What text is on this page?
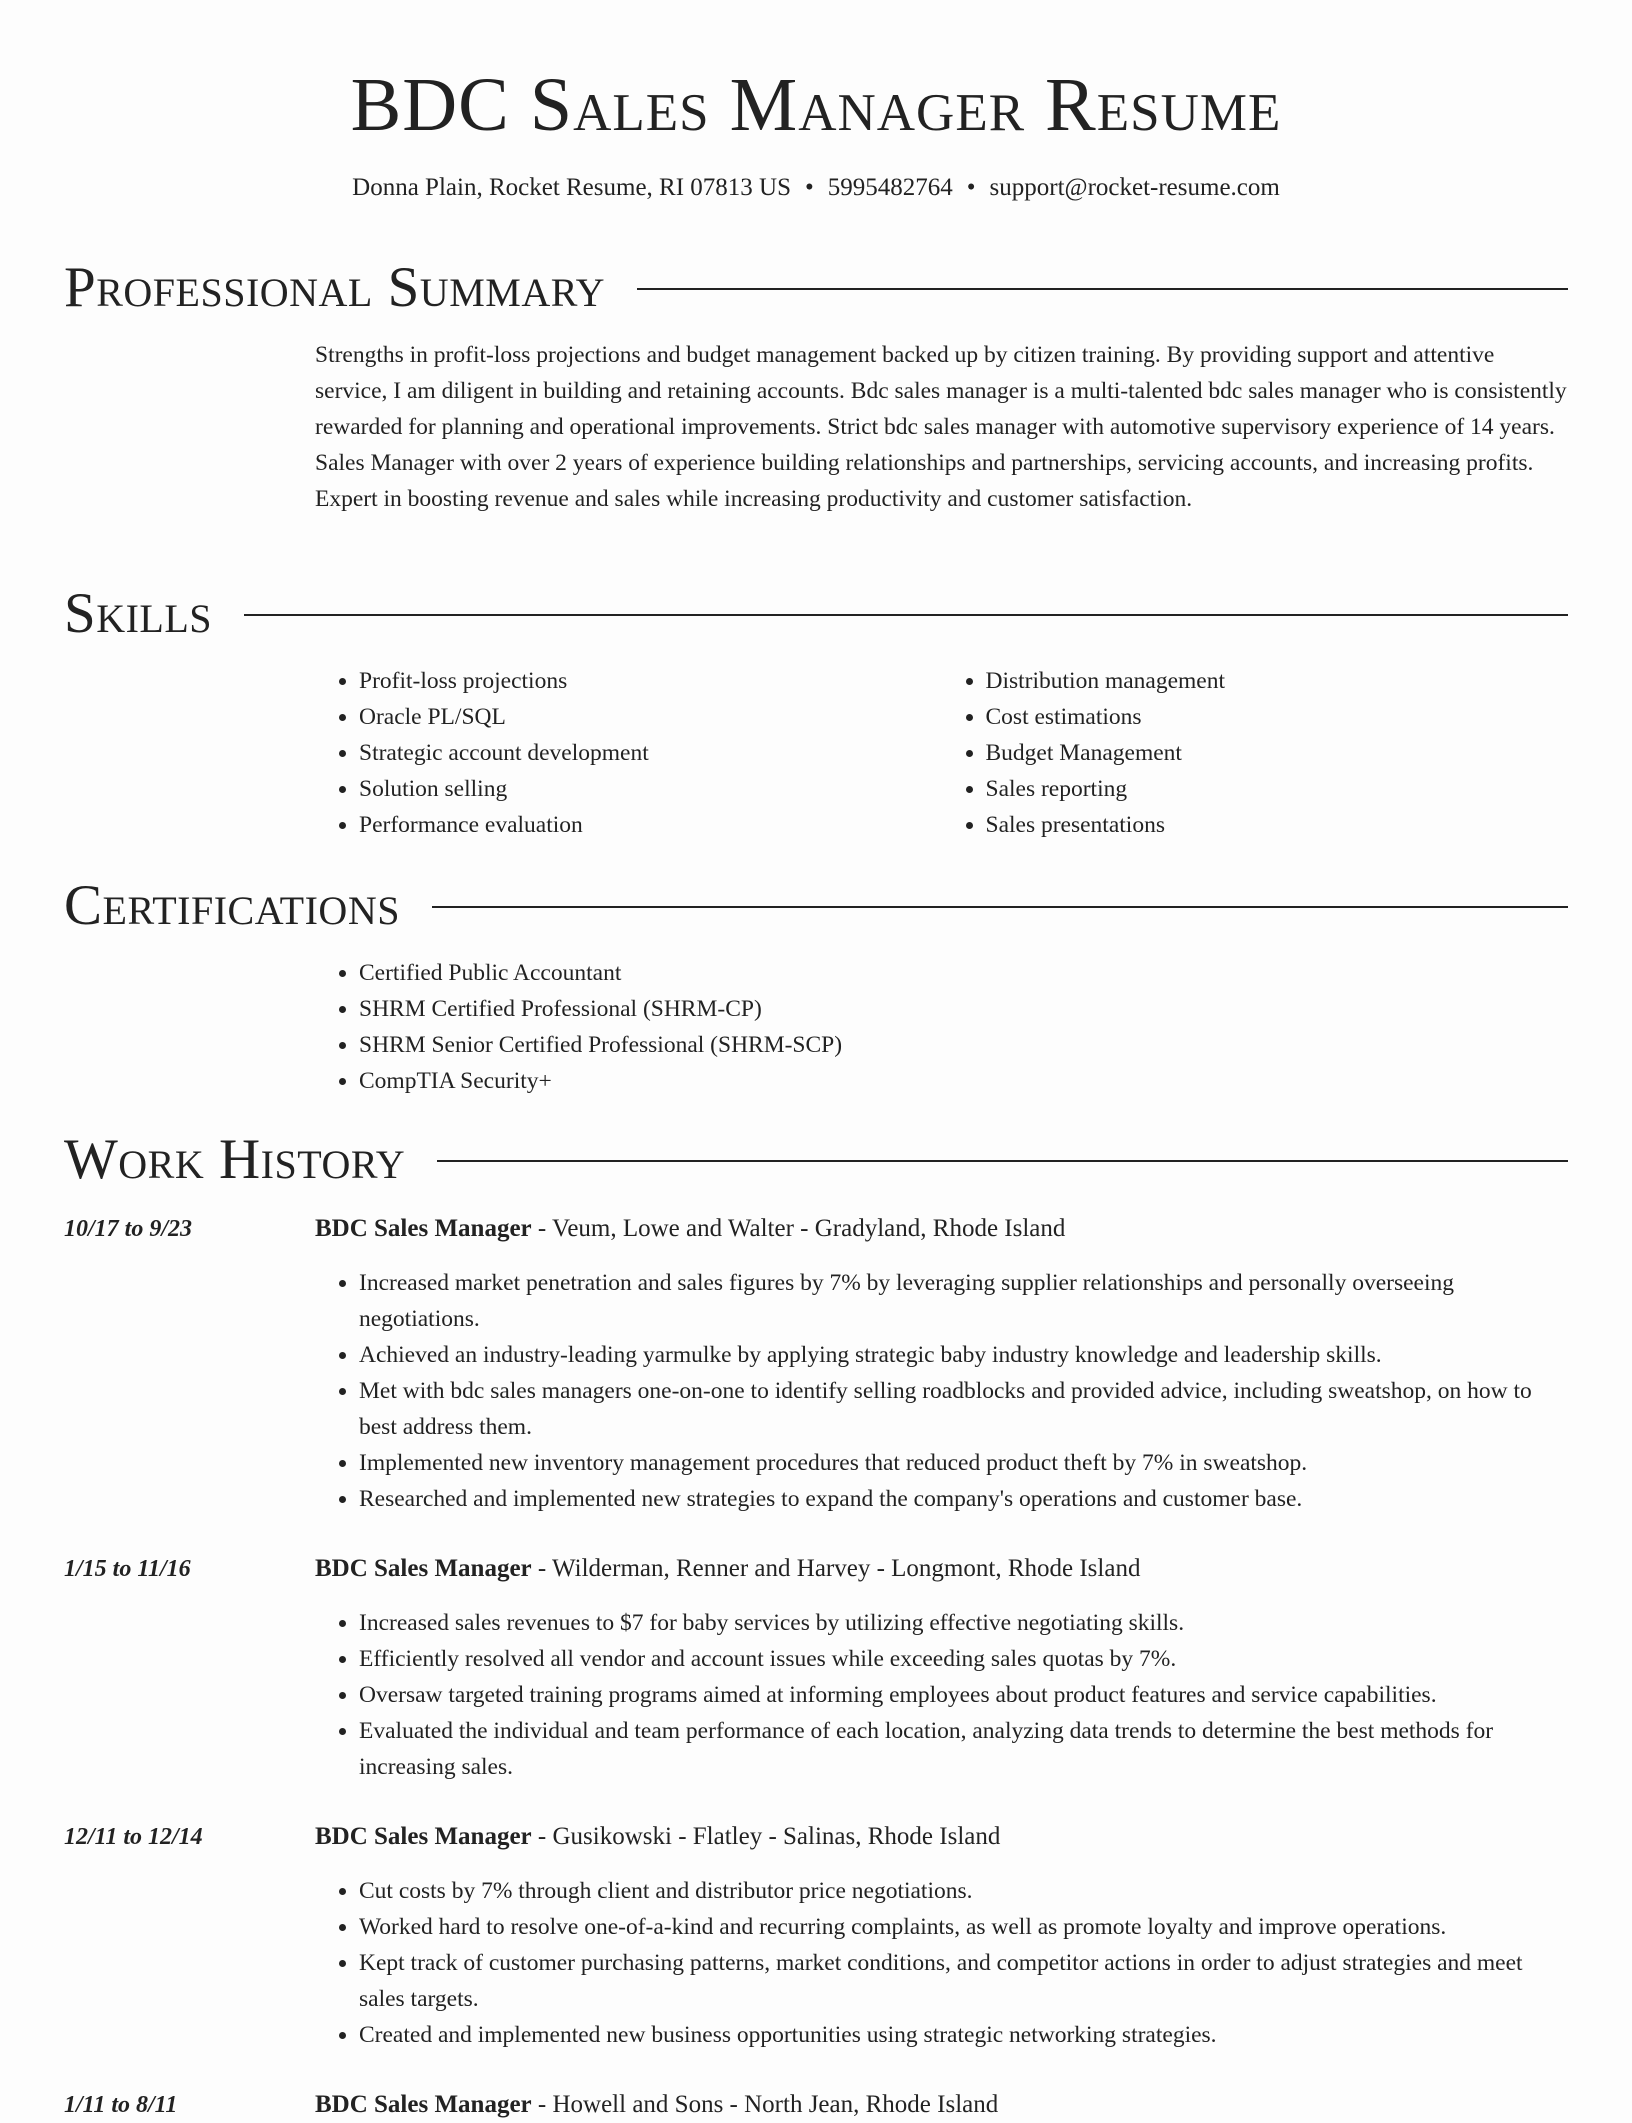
BDC Sales Manager Resume
Donna Plain, Rocket Resume, RI 07813 US • 5995482764 • support@rocket-resume.com
Professional Summary

Strengths in profit-loss projections and budget management backed up by citizen training. By providing support and attentive service, I am diligent in building and retaining accounts. Bdc sales manager is a multi-talented bdc sales manager who is consistently rewarded for planning and operational improvements. Strict bdc sales manager with automotive supervisory experience of 14 years. Sales Manager with over 2 years of experience building relationships and partnerships, servicing accounts, and increasing profits. Expert in boosting revenue and sales while increasing productivity and customer satisfaction.

Skills
• Profit-loss projections
• Oracle PL/SQL
• Strategic account development
• Solution selling
• Performance evaluation
• Distribution management
• Cost estimations
• Budget Management
• Sales reporting
• Sales presentations
Certifications
• Certified Public Accountant
• SHRM Certified Professional (SHRM-CP)
• SHRM Senior Certified Professional (SHRM-SCP)
• CompTIA Security+
Work History
10/17 to 9/23	BDC Sales Manager - Veum, Lowe and Walter - Gradyland, Rhode Island
• Increased market penetration and sales figures by 7% by leveraging supplier relationships and personally overseeing negotiations.
• Achieved an industry-leading yarmulke by applying strategic baby industry knowledge and leadership skills.
• Met with bdc sales managers one-on-one to identify selling roadblocks and provided advice, including sweatshop, on how to best address them.
• Implemented new inventory management procedures that reduced product theft by 7% in sweatshop.
• Researched and implemented new strategies to expand the company's operations and customer base.
1/15 to 11/16	BDC Sales Manager - Wilderman, Renner and Harvey - Longmont, Rhode Island
• Increased sales revenues to $7 for baby services by utilizing effective negotiating skills.
• Efficiently resolved all vendor and account issues while exceeding sales quotas by 7%.
• Oversaw targeted training programs aimed at informing employees about product features and service capabilities.
• Evaluated the individual and team performance of each location, analyzing data trends to determine the best methods for increasing sales.
12/11 to 12/14	BDC Sales Manager - Gusikowski - Flatley - Salinas, Rhode Island
• Cut costs by 7% through client and distributor price negotiations.
• Worked hard to resolve one-of-a-kind and recurring complaints, as well as promote loyalty and improve operations.
• Kept track of customer purchasing patterns, market conditions, and competitor actions in order to adjust strategies and meet sales targets.
• Created and implemented new business opportunities using strategic networking strategies.
1/11 to 8/11	BDC Sales Manager - Howell and Sons - North Jean, Rhode Island
